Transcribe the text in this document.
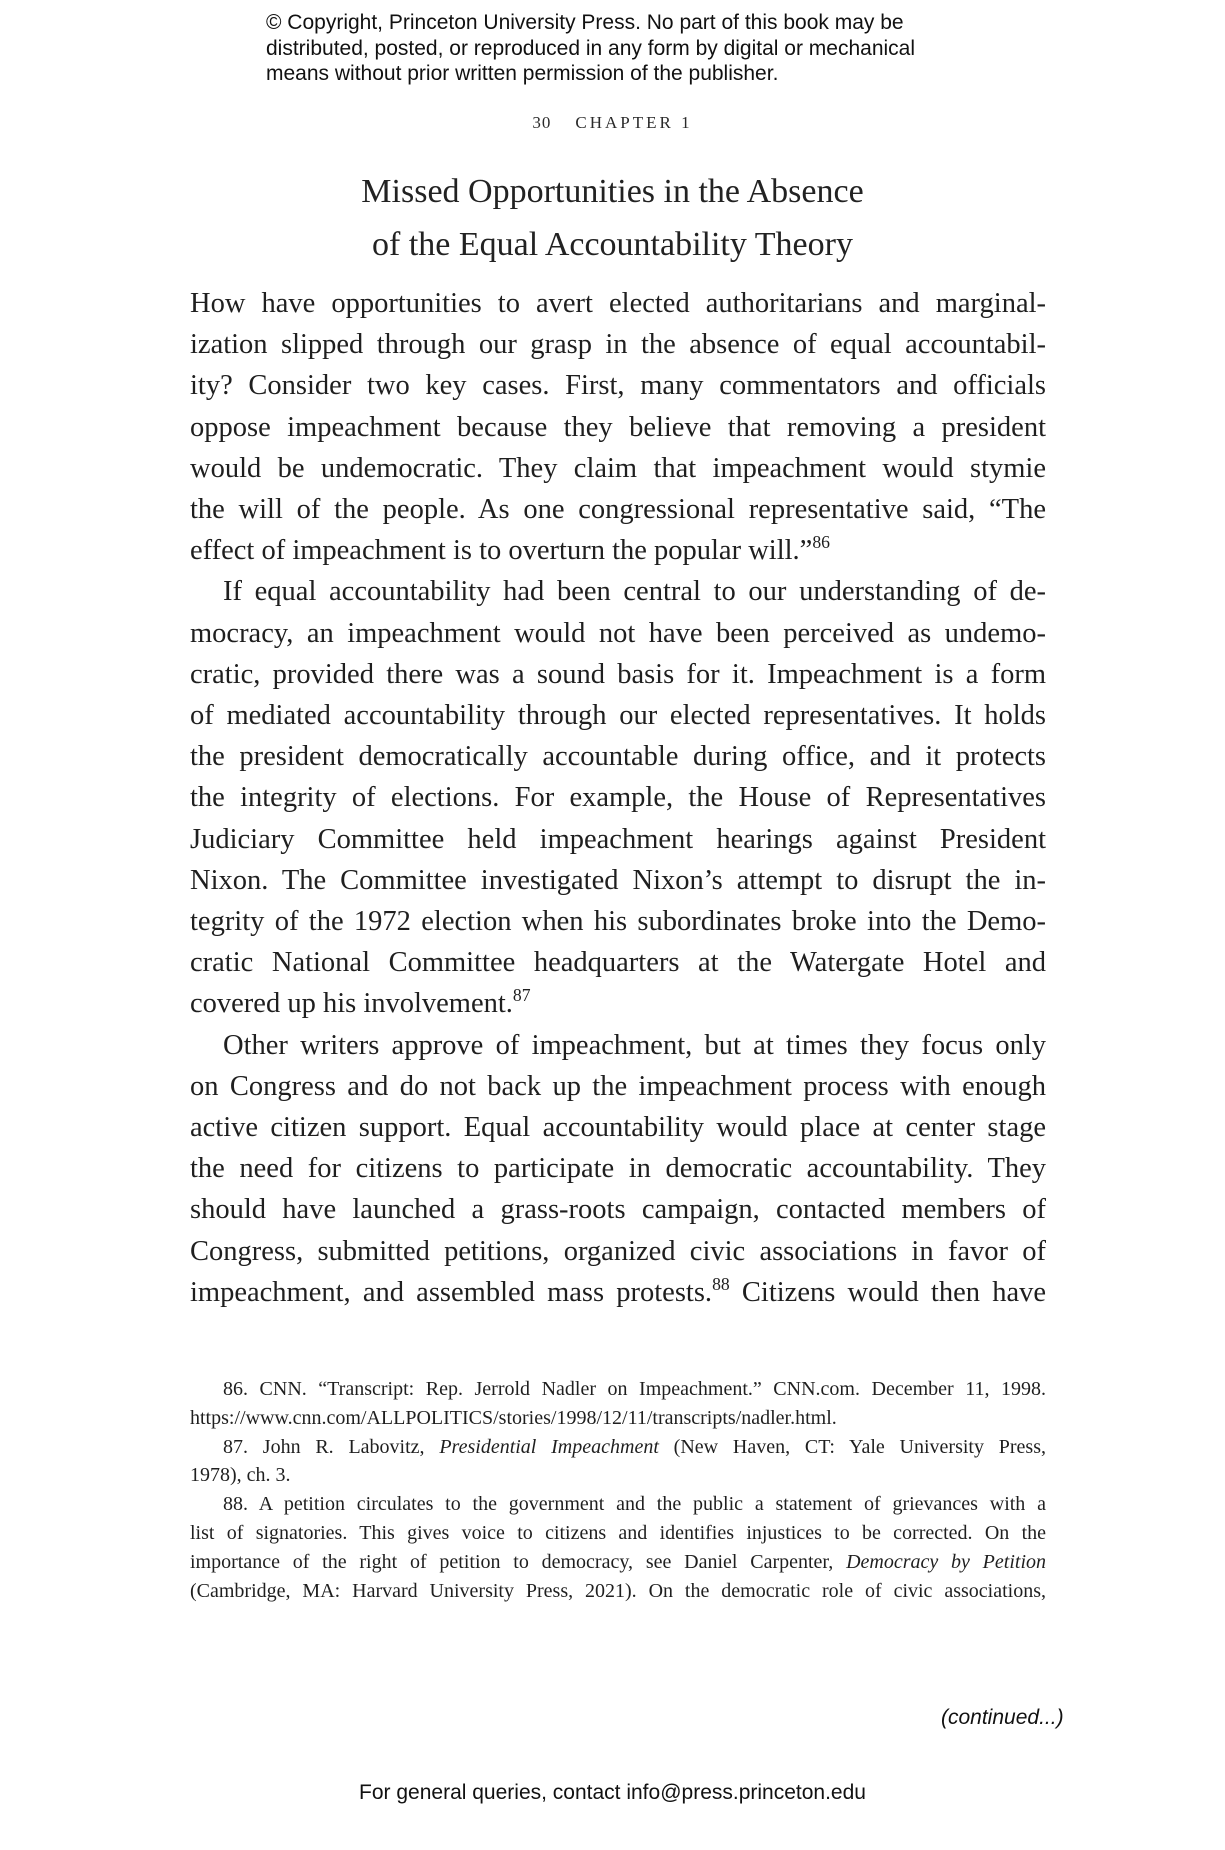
© Copyright, Princeton University Press. No part of this book may be
distributed, posted, or reproduced in any form by digital or mechanical
means without prior written permission of the publisher.
30 CHAPTER 1
Missed Opportunities in the Absence
of the Equal Accountability Theory
How have opportunities to avert elected authoritarians and marginal-
ization slipped through our grasp in the absence of equal accountabil-
ity? Consider two key cases. First, many commentators and officials
oppose impeachment because they believe that removing a president
would be undemocratic. They claim that impeachment would stymie
the will of the people. As one congressional representative said, “The
effect of impeachment is to overturn the popular will.”$^{86}$
If equal accountability had been central to our understanding of de-
mocracy, an impeachment would not have been perceived as undemo-
cratic, provided there was a sound basis for it. Impeachment is a form
of mediated accountability through our elected representatives. It holds
the president democratically accountable during office, and it protects
the integrity of elections. For example, the House of Representatives
Judiciary Committee held impeachment hearings against President
Nixon. The Committee investigated Nixon’s attempt to disrupt the in-
tegrity of the 1972 election when his subordinates broke into the Demo-
cratic National Committee headquarters at the Watergate Hotel and
covered up his involvement.$^{87}$
Other writers approve of impeachment, but at times they focus only
on Congress and do not back up the impeachment process with enough
active citizen support. Equal accountability would place at center stage
the need for citizens to participate in democratic accountability. They
should have launched a grass-roots campaign, contacted members of
Congress, submitted petitions, organized civic associations in favor of
impeachment, and assembled mass protests.$^{88}$ Citizens would then have
86. CNN. “Transcript: Rep. Jerrold Nadler on Impeachment.” CNN.com. December 11, 1998.
https://www.cnn.com/ALLPOLITICS/stories/1998/12/11/transcripts/nadler.html.
87. John R. Labovitz, Presidential Impeachment (New Haven, CT: Yale University Press,
1978), ch. 3.
88. A petition circulates to the government and the public a statement of grievances with a
list of signatories. This gives voice to citizens and identifies injustices to be corrected. On the
importance of the right of petition to democracy, see Daniel Carpenter, Democracy by Petition
(Cambridge, MA: Harvard University Press, 2021). On the democratic role of civic associations,
(continued...)
For general queries, contact info@press.princeton.edu
